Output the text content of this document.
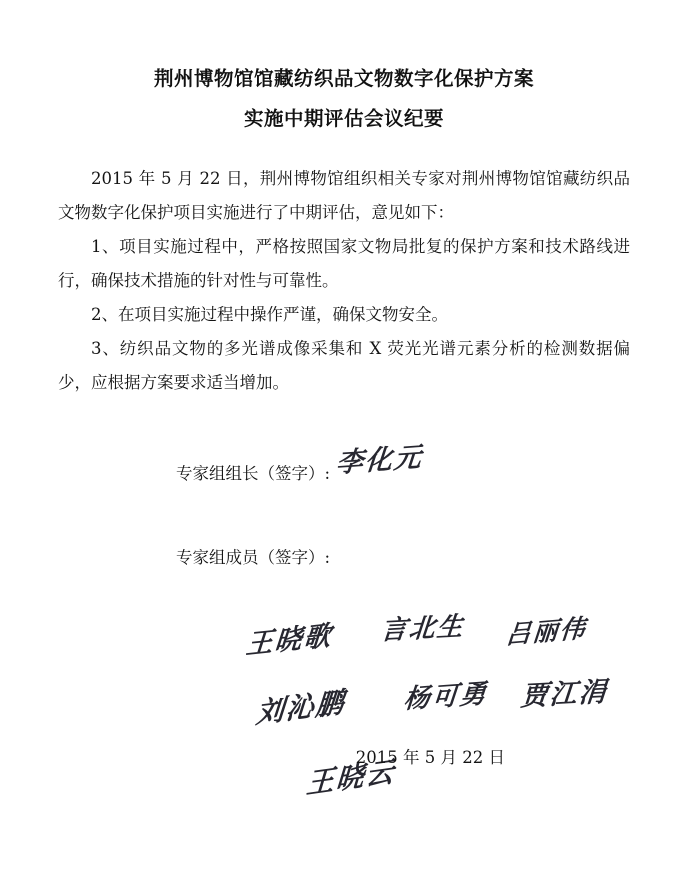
荆州博物馆馆藏纺织品文物数字化保护方案
实施中期评估会议纪要

2015 年 5 月 22 日，荆州博物馆组织相关专家对荆州博物馆馆藏纺织品文物数字化保护项目实施进行了中期评估，意见如下：

1、项目实施过程中，严格按照国家文物局批复的保护方案和技术路线进行，确保技术措施的针对性与可靠性。

2、在项目实施过程中操作严谨，确保文物安全。

3、纺织品文物的多光谱成像采集和 X 荧光光谱元素分析的检测数据偏少，应根据方案要求适当增加。

专家组组长（签字）: 李化元
专家组成员（签字）:
王晓歌 言北生 吕丽伟
刘沁鹏 杨可勇 贾江涓
王晓云
2015 年 5 月 22 日
